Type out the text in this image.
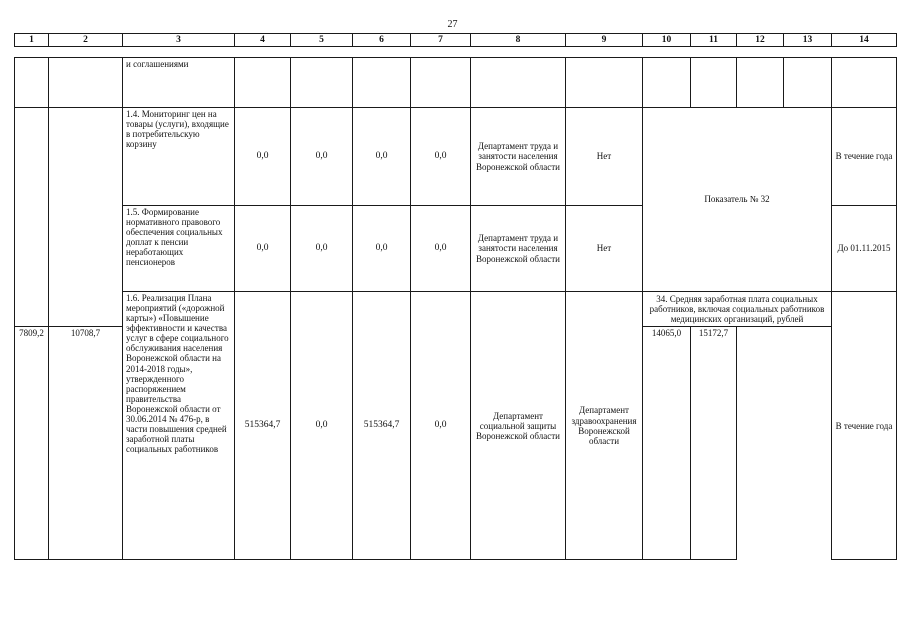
27
1	2	3	4	5	6	7	8	9	10	11	12	13	14

		и соглашениями											
		1.4. Мониторинг цен на товары (услуги), входящие в потребительскую корзину	0,0	0,0	0,0	0,0	Департамент труда и занятости населения Воронежской области	Нет	Показатель № 32				В течение года
		1.5. Формирование нормативного правового обеспечения социальных доплат к пенсии неработающих пенсионеров	0,0	0,0	0,0	0,0	Департамент труда и занятости населения Воронежской области	Нет					До 01.11.2015
		1.6. Реализация Плана мероприятий («дорожной карты») «Повышение эффективности и качества услуг в сфере социального обслуживания населения Воронежской области на 2014-2018 годы», утвержденного распоряжением правительства Воронежской области от 30.06.2014 № 476-р, в части повышения средней заработной платы социальных работников	515364,7	0,0	515364,7	0,0	Департамент социальной защиты Воронежской области	Департамент здравоохранения Воронежской области	34. Средняя заработная плата социальных работников, включая социальных работников медицинских организаций, рублей				В течение года
7809,2	10708,7								14065,0	15172,7			
